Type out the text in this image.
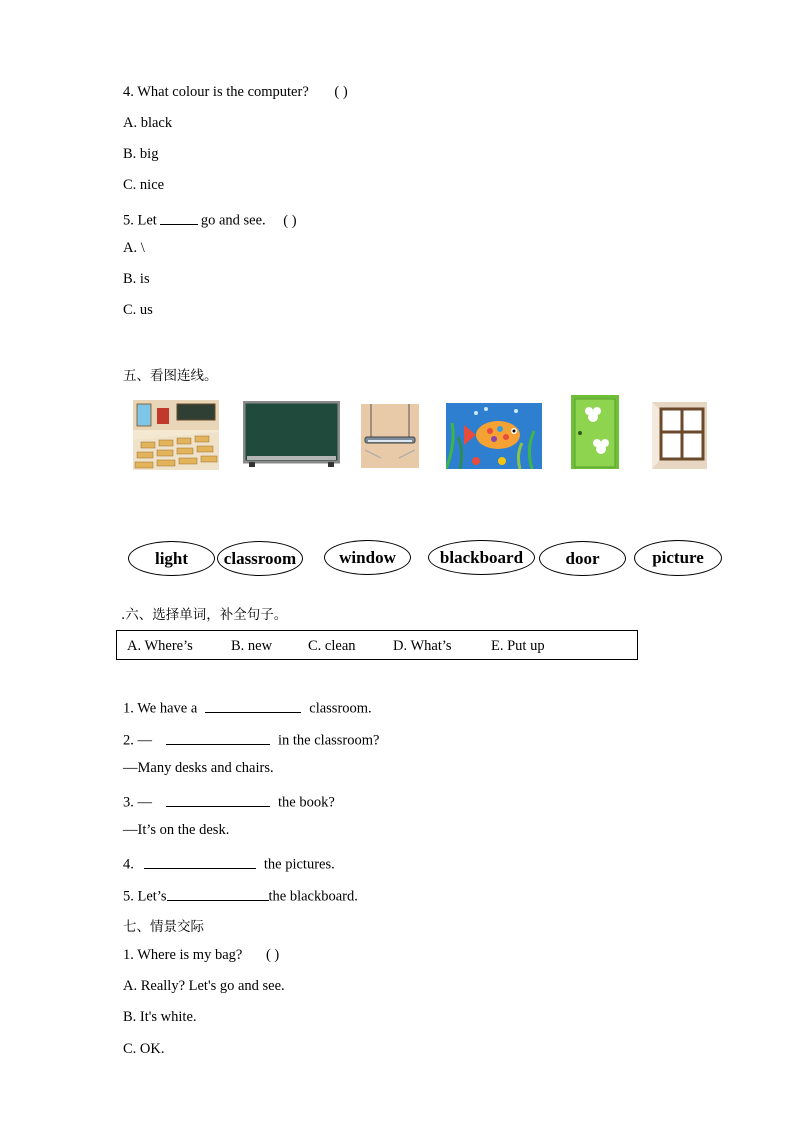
4. What colour is the computer? ( )
A. black
B. big
C. nice
5. Let	go and see. ( )
A. \
B. is
C. us
五、看图连线。
light	classroom	window	blackboard	door	picture
.六、选择单词，补全句子。
A. Where’s	B. new C. clean	D. What’s	E. Put up
1. We have a	classroom.
2. —	in the classroom?
—Many desks and chairs.
3. —	the book?
—It’s on the desk.
4.	the pictures.
5. Let’s	the blackboard.
七、情景交际
1. Where is my bag? ( )
A. Really? Let's go and see.
B. It's white.
C. OK.
